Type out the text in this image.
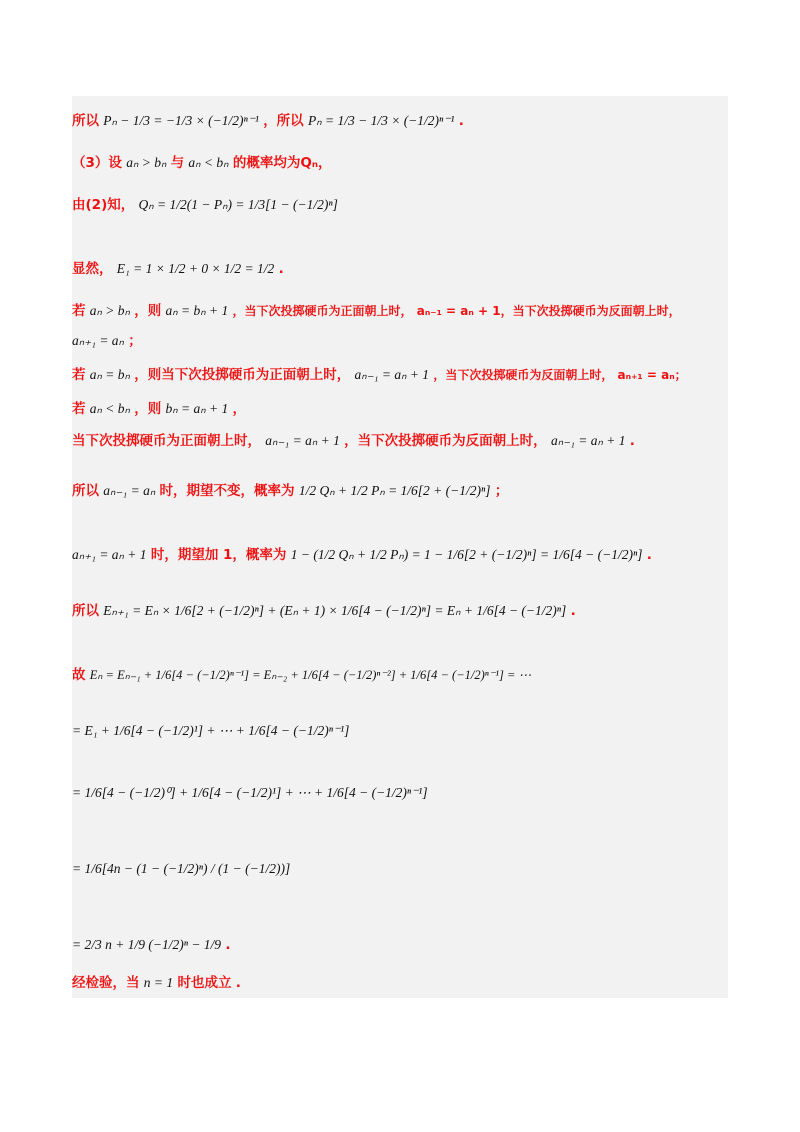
所以 Pₙ − 1/3 = −1/3 × (−1/2)ⁿ⁻¹ ，所以 Pₙ = 1/3 − 1/3 × (−1/2)ⁿ⁻¹ .
（3）设 aₙ > bₙ 与 aₙ < bₙ 的概率均为Qₙ，
由(2)知， Qₙ = 1/2(1 − Pₙ) = 1/3[1 − (−1/2)ⁿ]
显然， E₁ = 1 × 1/2 + 0 × 1/2 = 1/2 .
若 aₙ > bₙ ，则 aₙ = bₙ + 1 ，当下次投掷硬币为正面朝上时， aₙ₋₁ = aₙ + 1，当下次投掷硬币为反面朝上时，
aₙ₊₁ = aₙ ；
若 aₙ = bₙ ，则当下次投掷硬币为正面朝上时， aₙ₋₁ = aₙ + 1 ，当下次投掷硬币为反面朝上时， aₙ₊₁ = aₙ；
若 aₙ < bₙ ，则 bₙ = aₙ + 1 ，
当下次投掷硬币为正面朝上时， aₙ₋₁ = aₙ + 1 ，当下次投掷硬币为反面朝上时， aₙ₋₁ = aₙ + 1 .
所以 aₙ₋₁ = aₙ 时，期望不变，概率为 1/2 Qₙ + 1/2 Pₙ = 1/6[2 + (−1/2)ⁿ] ；
aₙ₊₁ = aₙ + 1 时，期望加 1，概率为 1 − (1/2 Qₙ + 1/2 Pₙ) = 1 − 1/6[2 + (−1/2)ⁿ] = 1/6[4 − (−1/2)ⁿ] .
所以 Eₙ₊₁ = Eₙ × 1/6[2 + (−1/2)ⁿ] + (Eₙ + 1) × 1/6[4 − (−1/2)ⁿ] = Eₙ + 1/6[4 − (−1/2)ⁿ] .
故 Eₙ = Eₙ₋₁ + 1/6[4 − (−1/2)ⁿ⁻¹] = Eₙ₋₂ + 1/6[4 − (−1/2)ⁿ⁻²] + 1/6[4 − (−1/2)ⁿ⁻¹] = ⋯
= E₁ + 1/6[4 − (−1/2)¹] + ⋯ + 1/6[4 − (−1/2)ⁿ⁻¹]
= 1/6[4 − (−1/2)⁰] + 1/6[4 − (−1/2)¹] + ⋯ + 1/6[4 − (−1/2)ⁿ⁻¹]
= 1/6[4n − (1 − (−1/2)ⁿ) / (1 − (−1/2))]
= 2/3 n + 1/9 (−1/2)ⁿ − 1/9 .
经检验，当 n = 1 时也成立 .
